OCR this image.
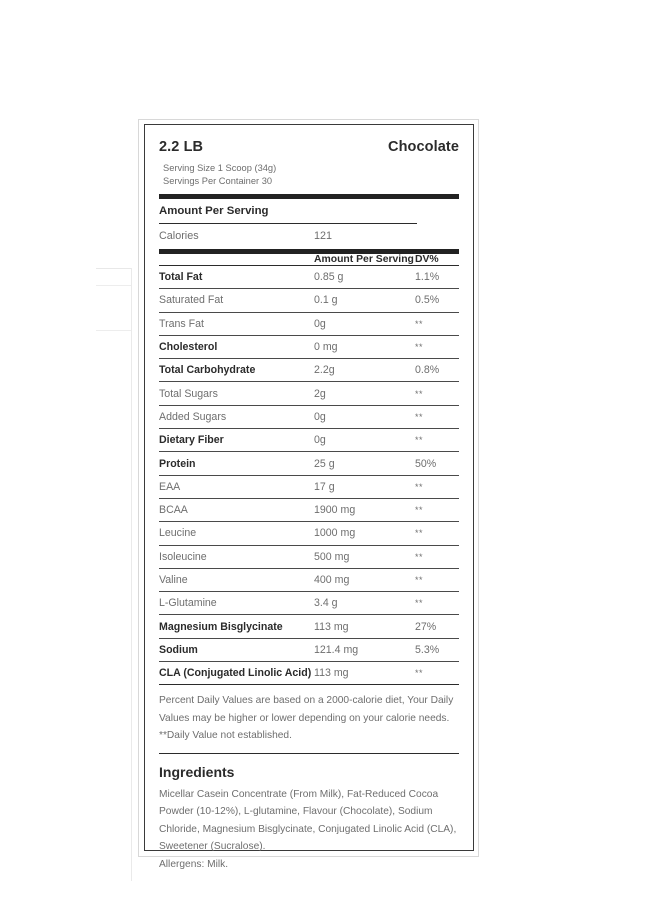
2.2 LB	Chocolate
Serving Size 1 Scoop (34g)
Servings Per Container 30
Amount Per Serving
Calories	121
	Amount Per Serving	DV%
Total Fat	0.85 g	1.1%
Saturated Fat	0.1 g	0.5%
Trans Fat	0g	**
Cholesterol	0 mg	**
Total Carbohydrate	2.2g	0.8%
Total Sugars	2g	**
Added Sugars	0g	**
Dietary Fiber	0g	**
Protein	25 g	50%
EAA	17 g	**
BCAA	1900 mg	**
Leucine	1000 mg	**
Isoleucine	500 mg	**
Valine	400 mg	**
L-Glutamine	3.4 g	**
Magnesium Bisglycinate	113 mg	27%
Sodium	121.4 mg	5.3%
CLA (Conjugated Linolic Acid)	113 mg	**

Percent Daily Values are based on a 2000-calorie diet, Your Daily

Values may be higher or lower depending on your calorie needs.

**Daily Value not established.

Ingredients
Micellar Casein Concentrate (From Milk), Fat-Reduced Cocoa Powder (10-12%), L-glutamine, Flavour (Chocolate), Sodium Chloride, Magnesium Bisglycinate, Conjugated Linolic Acid (CLA), Sweetener (Sucralose).
Allergens: Milk.
